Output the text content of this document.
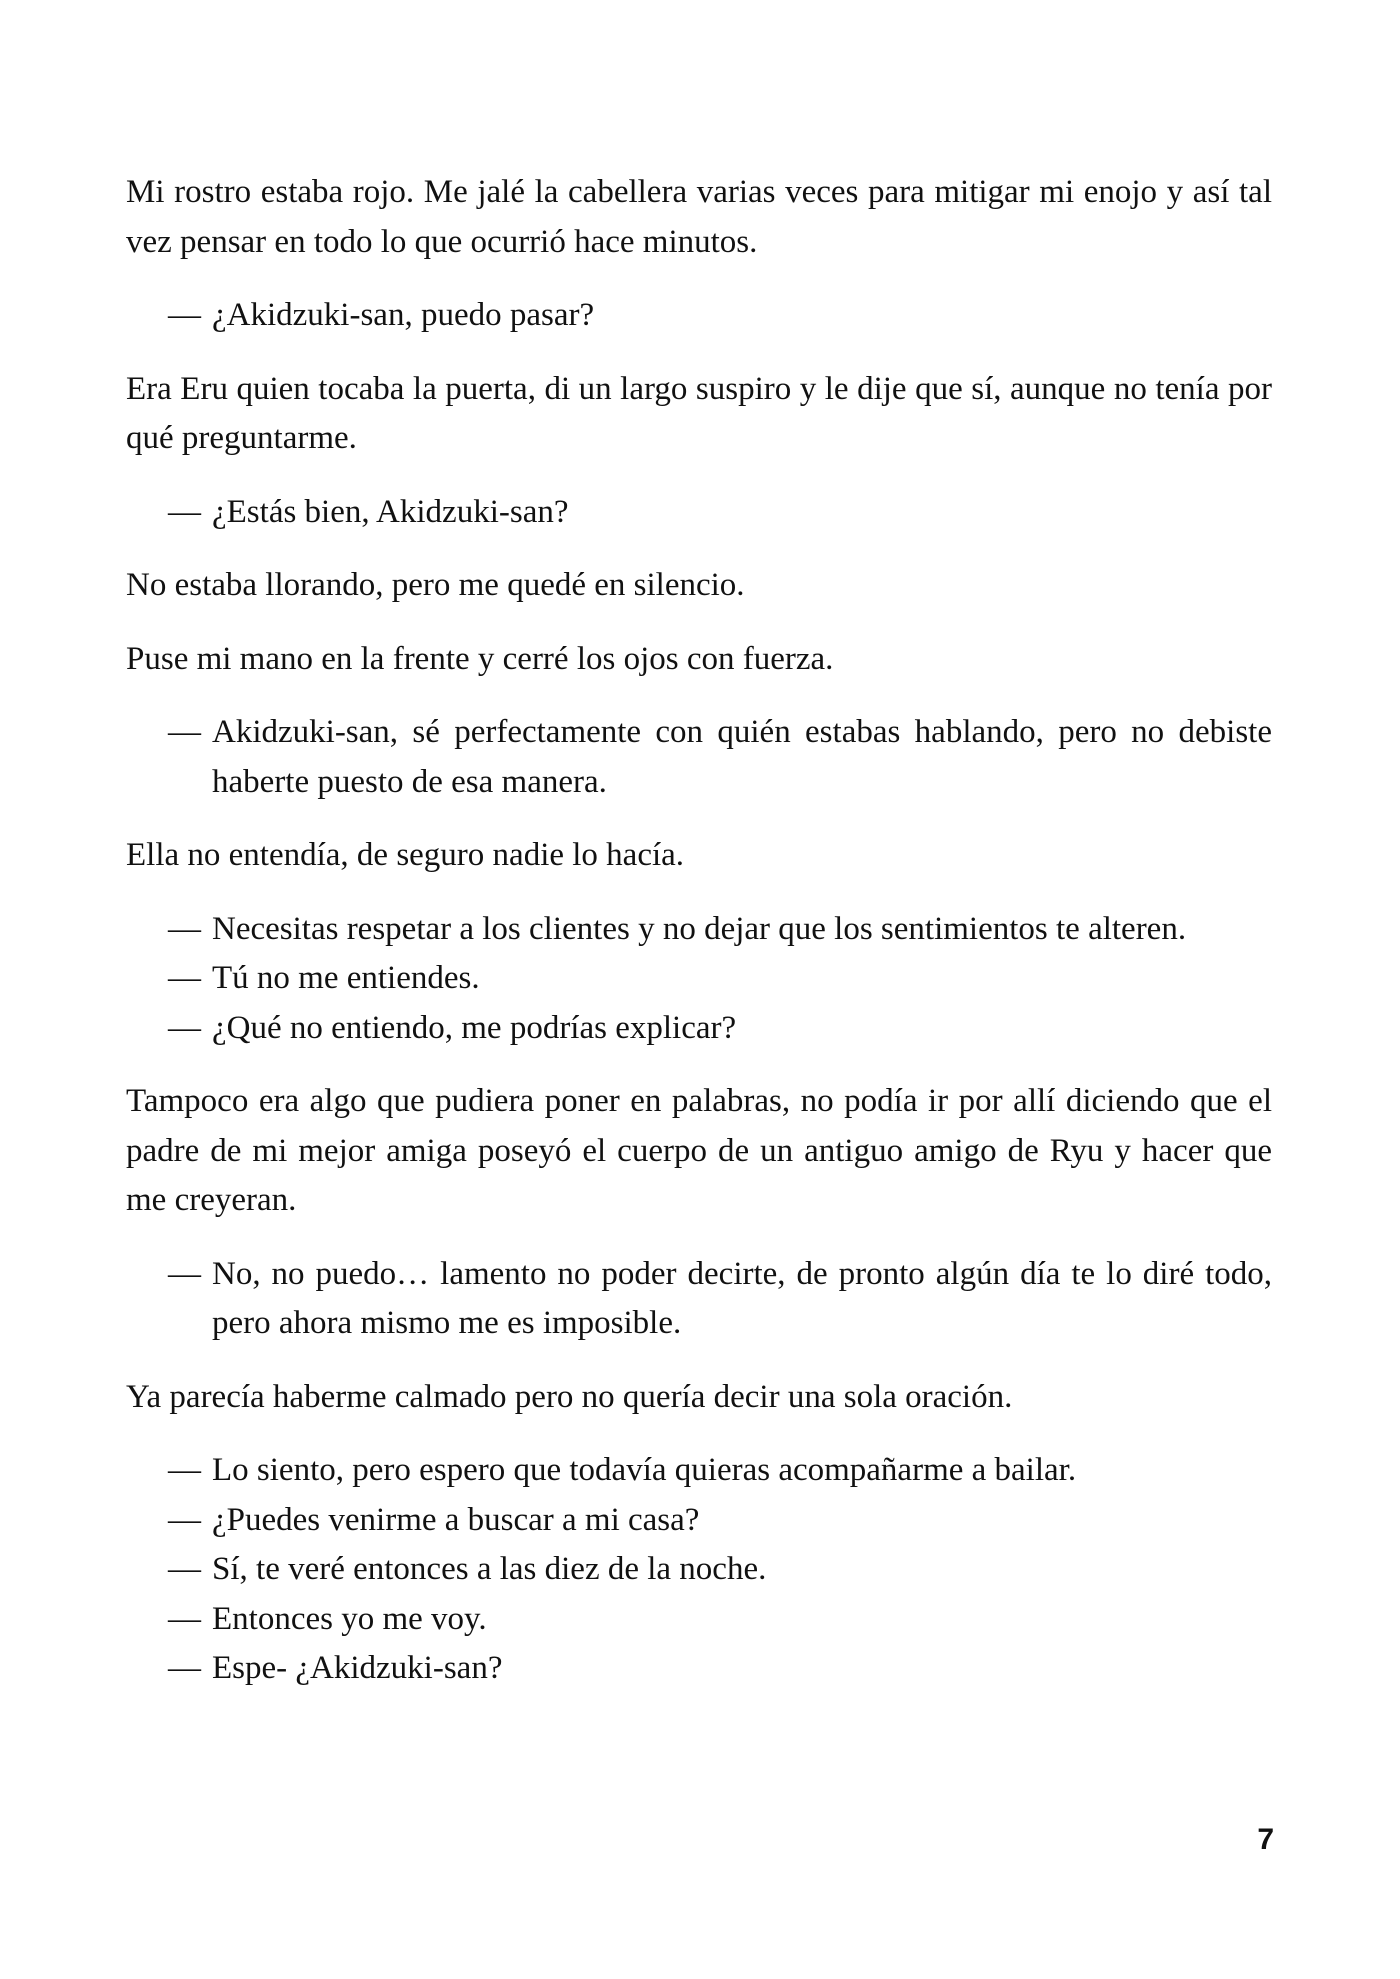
Mi rostro estaba rojo. Me jalé la cabellera varias veces para mitigar mi enojo y así tal vez pensar en todo lo que ocurrió hace minutos.

— ¿Akidzuki-san, puedo pasar?

Era Eru quien tocaba la puerta, di un largo suspiro y le dije que sí, aunque no tenía por qué preguntarme.

— ¿Estás bien, Akidzuki-san?

No estaba llorando, pero me quedé en silencio.

Puse mi mano en la frente y cerré los ojos con fuerza.

— Akidzuki-san, sé perfectamente con quién estabas hablando, pero no debiste haberte puesto de esa manera.

Ella no entendía, de seguro nadie lo hacía.

— Necesitas respetar a los clientes y no dejar que los sentimientos te alteren.

— Tú no me entiendes.

— ¿Qué no entiendo, me podrías explicar?

Tampoco era algo que pudiera poner en palabras, no podía ir por allí diciendo que el padre de mi mejor amiga poseyó el cuerpo de un antiguo amigo de Ryu y hacer que me creyeran.

— No, no puedo… lamento no poder decirte, de pronto algún día te lo diré todo, pero ahora mismo me es imposible.

Ya parecía haberme calmado pero no quería decir una sola oración.

— Lo siento, pero espero que todavía quieras acompañarme a bailar.

— ¿Puedes venirme a buscar a mi casa?

— Sí, te veré entonces a las diez de la noche.

— Entonces yo me voy.

— Espe- ¿Akidzuki-san?

7
